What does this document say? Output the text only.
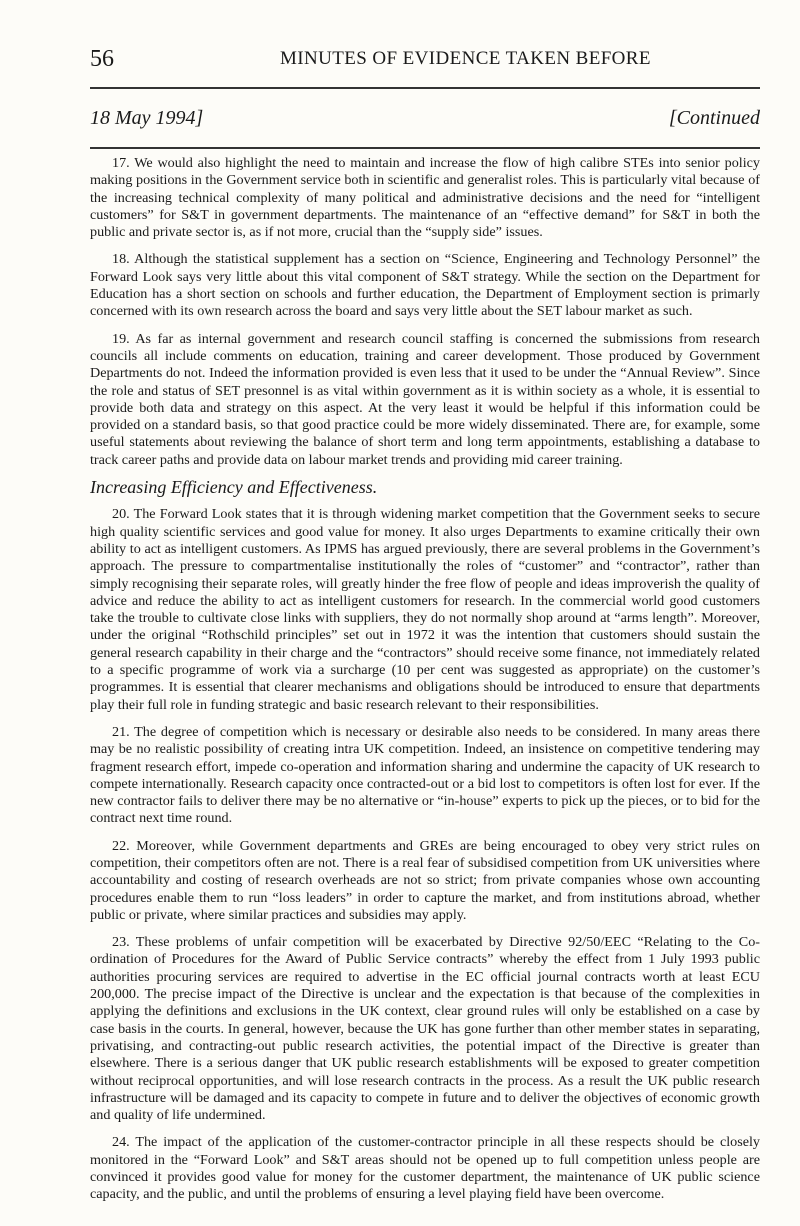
56	MINUTES OF EVIDENCE TAKEN BEFORE
18 May 1994]	[Continued

17. We would also highlight the need to maintain and increase the flow of high calibre STEs into senior policy making positions in the Government service both in scientific and generalist roles. This is particularly vital because of the increasing technical complexity of many political and administrative decisions and the need for “intelligent customers” for S&T in government departments. The maintenance of an “effective demand” for S&T in both the public and private sector is, as if not more, crucial than the “supply side” issues.

18. Although the statistical supplement has a section on “Science, Engineering and Technology Personnel” the Forward Look says very little about this vital component of S&T strategy. While the section on the Department for Education has a short section on schools and further education, the Department of Employment section is primarly concerned with its own research across the board and says very little about the SET labour market as such.

19. As far as internal government and research council staffing is concerned the submissions from research councils all include comments on education, training and career development. Those produced by Government Departments do not. Indeed the information provided is even less that it used to be under the “Annual Review”. Since the role and status of SET presonnel is as vital within government as it is within society as a whole, it is essential to provide both data and strategy on this aspect. At the very least it would be helpful if this information could be provided on a standard basis, so that good practice could be more widely disseminated. There are, for example, some useful statements about reviewing the balance of short term and long term appointments, establishing a database to track career paths and provide data on labour market trends and providing mid career training.

Increasing Efficiency and Effectiveness.

20. The Forward Look states that it is through widening market competition that the Government seeks to secure high quality scientific services and good value for money. It also urges Departments to examine critically their own ability to act as intelligent customers. As IPMS has argued previously, there are several problems in the Government’s approach. The pressure to compartmentalise institutionally the roles of “customer” and “contractor”, rather than simply recognising their separate roles, will greatly hinder the free flow of people and ideas improverish the quality of advice and reduce the ability to act as intelligent customers for research. In the commercial world good customers take the trouble to cultivate close links with suppliers, they do not normally shop around at “arms length”. Moreover, under the original “Rothschild principles” set out in 1972 it was the intention that customers should sustain the general research capability in their charge and the “contractors” should receive some finance, not immediately related to a specific programme of work via a surcharge (10 per cent was suggested as appropriate) on the customer’s programmes. It is essential that clearer mechanisms and obligations should be introduced to ensure that departments play their full role in funding strategic and basic research relevant to their responsibilities.

21. The degree of competition which is necessary or desirable also needs to be considered. In many areas there may be no realistic possibility of creating intra UK competition. Indeed, an insistence on competitive tendering may fragment research effort, impede co-operation and information sharing and undermine the capacity of UK research to compete internationally. Research capacity once contracted-out or a bid lost to competitors is often lost for ever. If the new contractor fails to deliver there may be no alternative or “in-house” experts to pick up the pieces, or to bid for the contract next time round.

22. Moreover, while Government departments and GREs are being encouraged to obey very strict rules on competition, their competitors often are not. There is a real fear of subsidised competition from UK universities where accountability and costing of research overheads are not so strict; from private companies whose own accounting procedures enable them to run “loss leaders” in order to capture the market, and from institutions abroad, whether public or private, where similar practices and subsidies may apply.

23. These problems of unfair competition will be exacerbated by Directive 92/50/EEC “Relating to the Co-ordination of Procedures for the Award of Public Service contracts” whereby the effect from 1 July 1993 public authorities procuring services are required to advertise in the EC official journal contracts worth at least ECU 200,000. The precise impact of the Directive is unclear and the expectation is that because of the complexities in applying the definitions and exclusions in the UK context, clear ground rules will only be established on a case by case basis in the courts. In general, however, because the UK has gone further than other member states in separating, privatising, and contracting-out public research activities, the potential impact of the Directive is greater than elsewhere. There is a serious danger that UK public research establishments will be exposed to greater competition without reciprocal opportunities, and will lose research contracts in the process. As a result the UK public research infrastructure will be damaged and its capacity to compete in future and to deliver the objectives of economic growth and quality of life undermined.

24. The impact of the application of the customer-contractor principle in all these respects should be closely monitored in the “Forward Look” and S&T areas should not be opened up to full competition unless people are convinced it provides good value for money for the customer department, the maintenance of UK public science capacity, and the public, and until the problems of ensuring a level playing field have been overcome.
